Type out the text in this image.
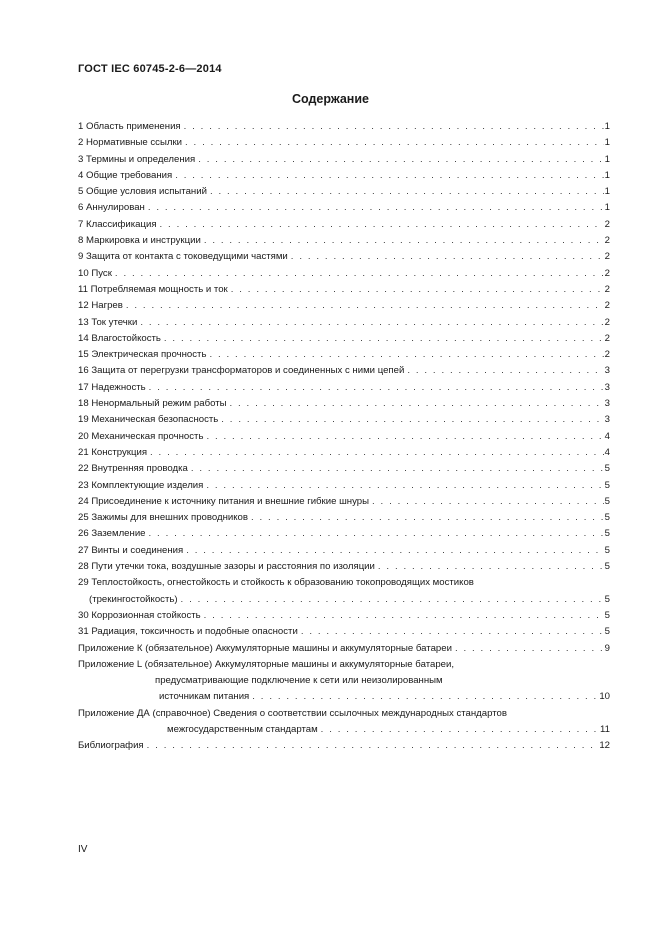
ГОСТ IEC 60745-2-6—2014
Содержание
1 Область применения . . .	1
2 Нормативные ссылки . . .	1
3 Термины и определения . . .	1
4 Общие требования . . .	1
5 Общие условия испытаний . . .	1
6 Аннулирован . . .	1
7 Классификация . . .	2
8 Маркировка и инструкции . . .	2
9 Защита от контакта с токоведущими частями . . .	2
10 Пуск . . .	2
11 Потребляемая мощность и ток . . .	2
12 Нагрев . . .	2
13 Ток утечки . . .	2
14 Влагостойкость . . .	2
15 Электрическая прочность . . .	2
16 Защита от перегрузки трансформаторов и соединенных с ними цепей . . .	3
17 Надежность . . .	3
18 Ненормальный режим работы . . .	3
19 Механическая безопасность . . .	3
20 Механическая прочность . . .	4
21 Конструкция . . .	4
22 Внутренняя проводка . . .	5
23 Комплектующие изделия . . .	5
24 Присоединение к источнику питания и внешние гибкие шнуры . . .	5
25 Зажимы для внешних проводников . . .	5
26 Заземление . . .	5
27 Винты и соединения . . .	5
28 Пути утечки тока, воздушные зазоры и расстояния по изоляции . . .	5
29 Теплостойкость, огнестойкость и стойкость к образованию токопроводящих мостиков
(трекингостойкость) . . .	5
30 Коррозионная стойкость . . .	5
31 Радиация, токсичность и подобные опасности . . .	5
Приложение К (обязательное) Аккумуляторные машины и аккумуляторные батареи . . .	9
Приложение L (обязательное) Аккумуляторные машины и аккумуляторные батареи,
предусматривающие подключение к сети или неизолированным
источникам питания . . .	10
Приложение ДА (справочное) Сведения о соответствии ссылочных международных стандартов
межгосударственным стандартам . . .	11
Библиография . . .	12
IV
